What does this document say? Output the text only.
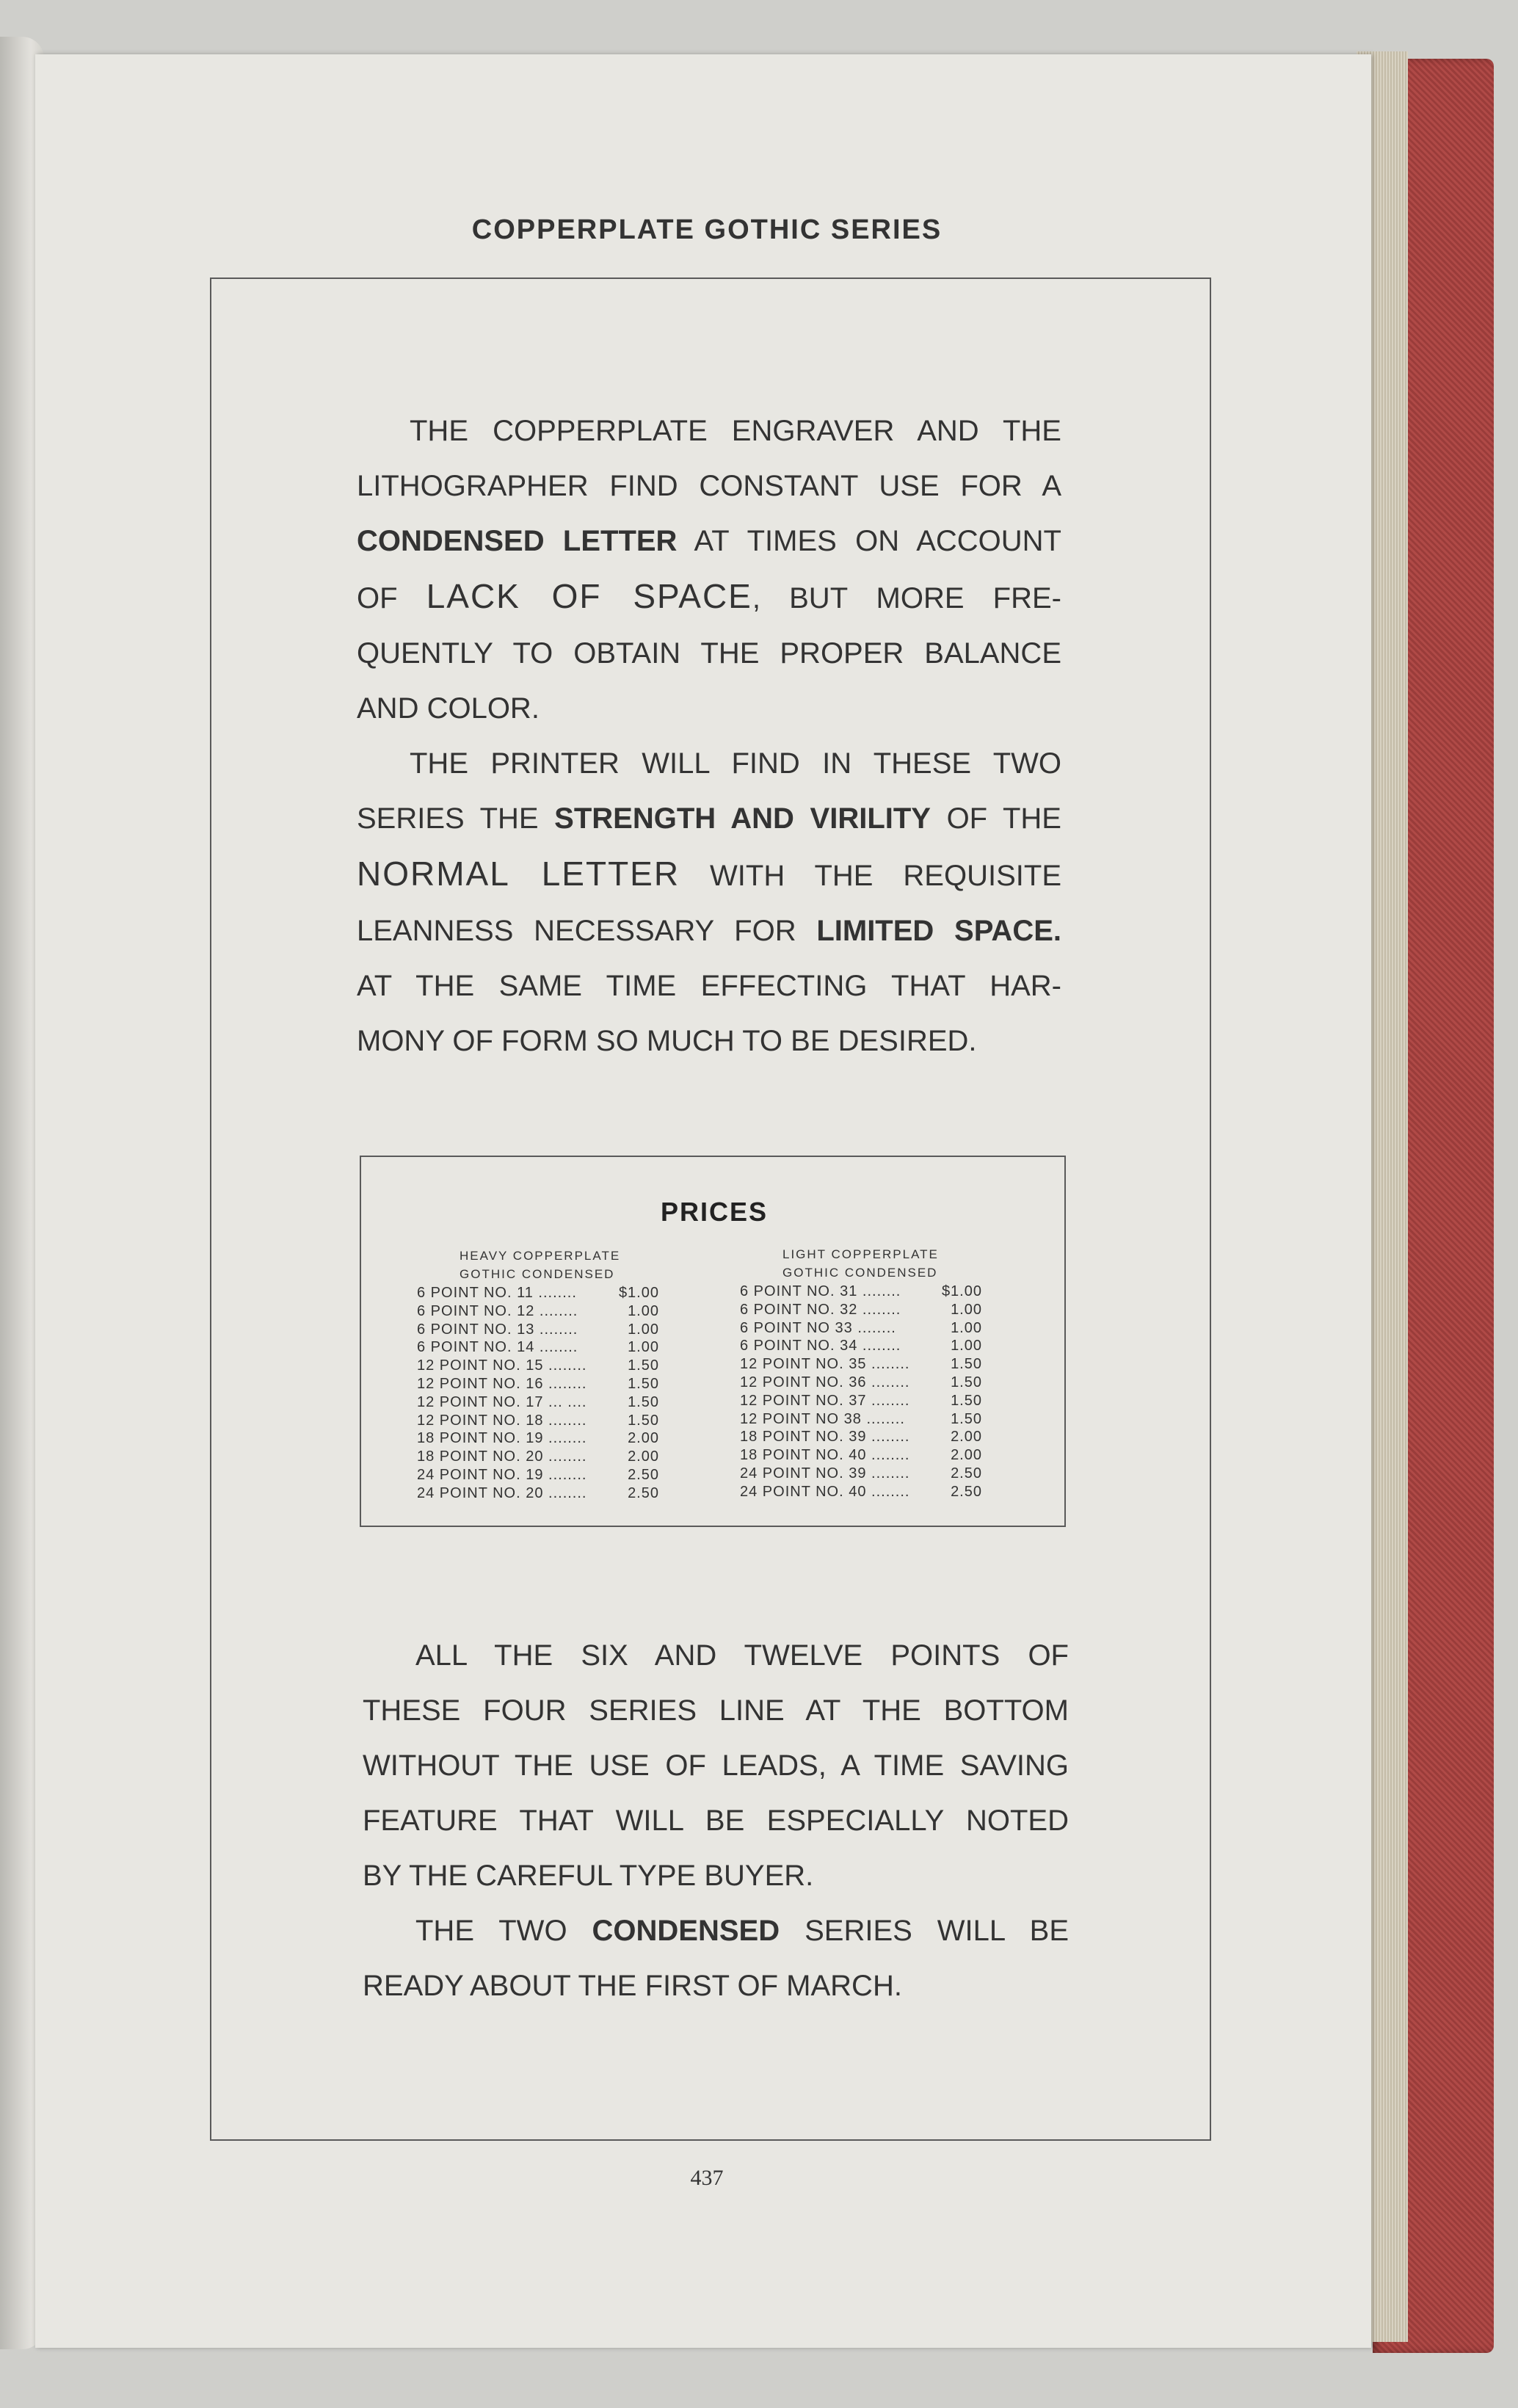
COPPERPLATE GOTHIC SERIES
THE COPPERPLATE ENGRAVER AND THE
LITHOGRAPHER FIND CONSTANT USE FOR A
CONDENSED LETTER AT TIMES ON ACCOUNT
OF LACK OF SPACE, BUT MORE FRE-
QUENTLY TO OBTAIN THE PROPER BALANCE
AND COLOR.
THE PRINTER WILL FIND IN THESE TWO
SERIES THE STRENGTH AND VIRILITY OF THE
NORMAL LETTER WITH THE REQUISITE
LEANNESS NECESSARY FOR LIMITED SPACE.
AT THE SAME TIME EFFECTING THAT HAR-
MONY OF FORM SO MUCH TO BE DESIRED.
PRICES
HEAVY COPPERPLATE
GOTHIC CONDENSED
LIGHT COPPERPLATE
GOTHIC CONDENSED
6 POINT NO. 11 ........	$1.00
6 POINT NO. 12 ........	1.00
6 POINT NO. 13 ........	1.00
6 POINT NO. 14 ........	1.00
12 POINT NO. 15 ........	1.50
12 POINT NO. 16 ........	1.50
12 POINT NO. 17 ... ....	1.50
12 POINT NO. 18 ........	1.50
18 POINT NO. 19 ........	2.00
18 POINT NO. 20 ........	2.00
24 POINT NO. 19 ........	2.50
24 POINT NO. 20 ........	2.50
6 POINT NO. 31 ........	$1.00
6 POINT NO. 32 ........	1.00
6 POINT NO 33 ........	1.00
6 POINT NO. 34 ........	1.00
12 POINT NO. 35 ........	1.50
12 POINT NO. 36 ........	1.50
12 POINT NO. 37 ........	1.50
12 POINT NO 38 ........	1.50
18 POINT NO. 39 ........	2.00
18 POINT NO. 40 ........	2.00
24 POINT NO. 39 ........	2.50
24 POINT NO. 40 ........	2.50
ALL THE SIX AND TWELVE POINTS OF
THESE FOUR SERIES LINE AT THE BOTTOM
WITHOUT THE USE OF LEADS, A TIME SAVING
FEATURE THAT WILL BE ESPECIALLY NOTED
BY THE CAREFUL TYPE BUYER.
THE TWO CONDENSED SERIES WILL BE
READY ABOUT THE FIRST OF MARCH.
437
